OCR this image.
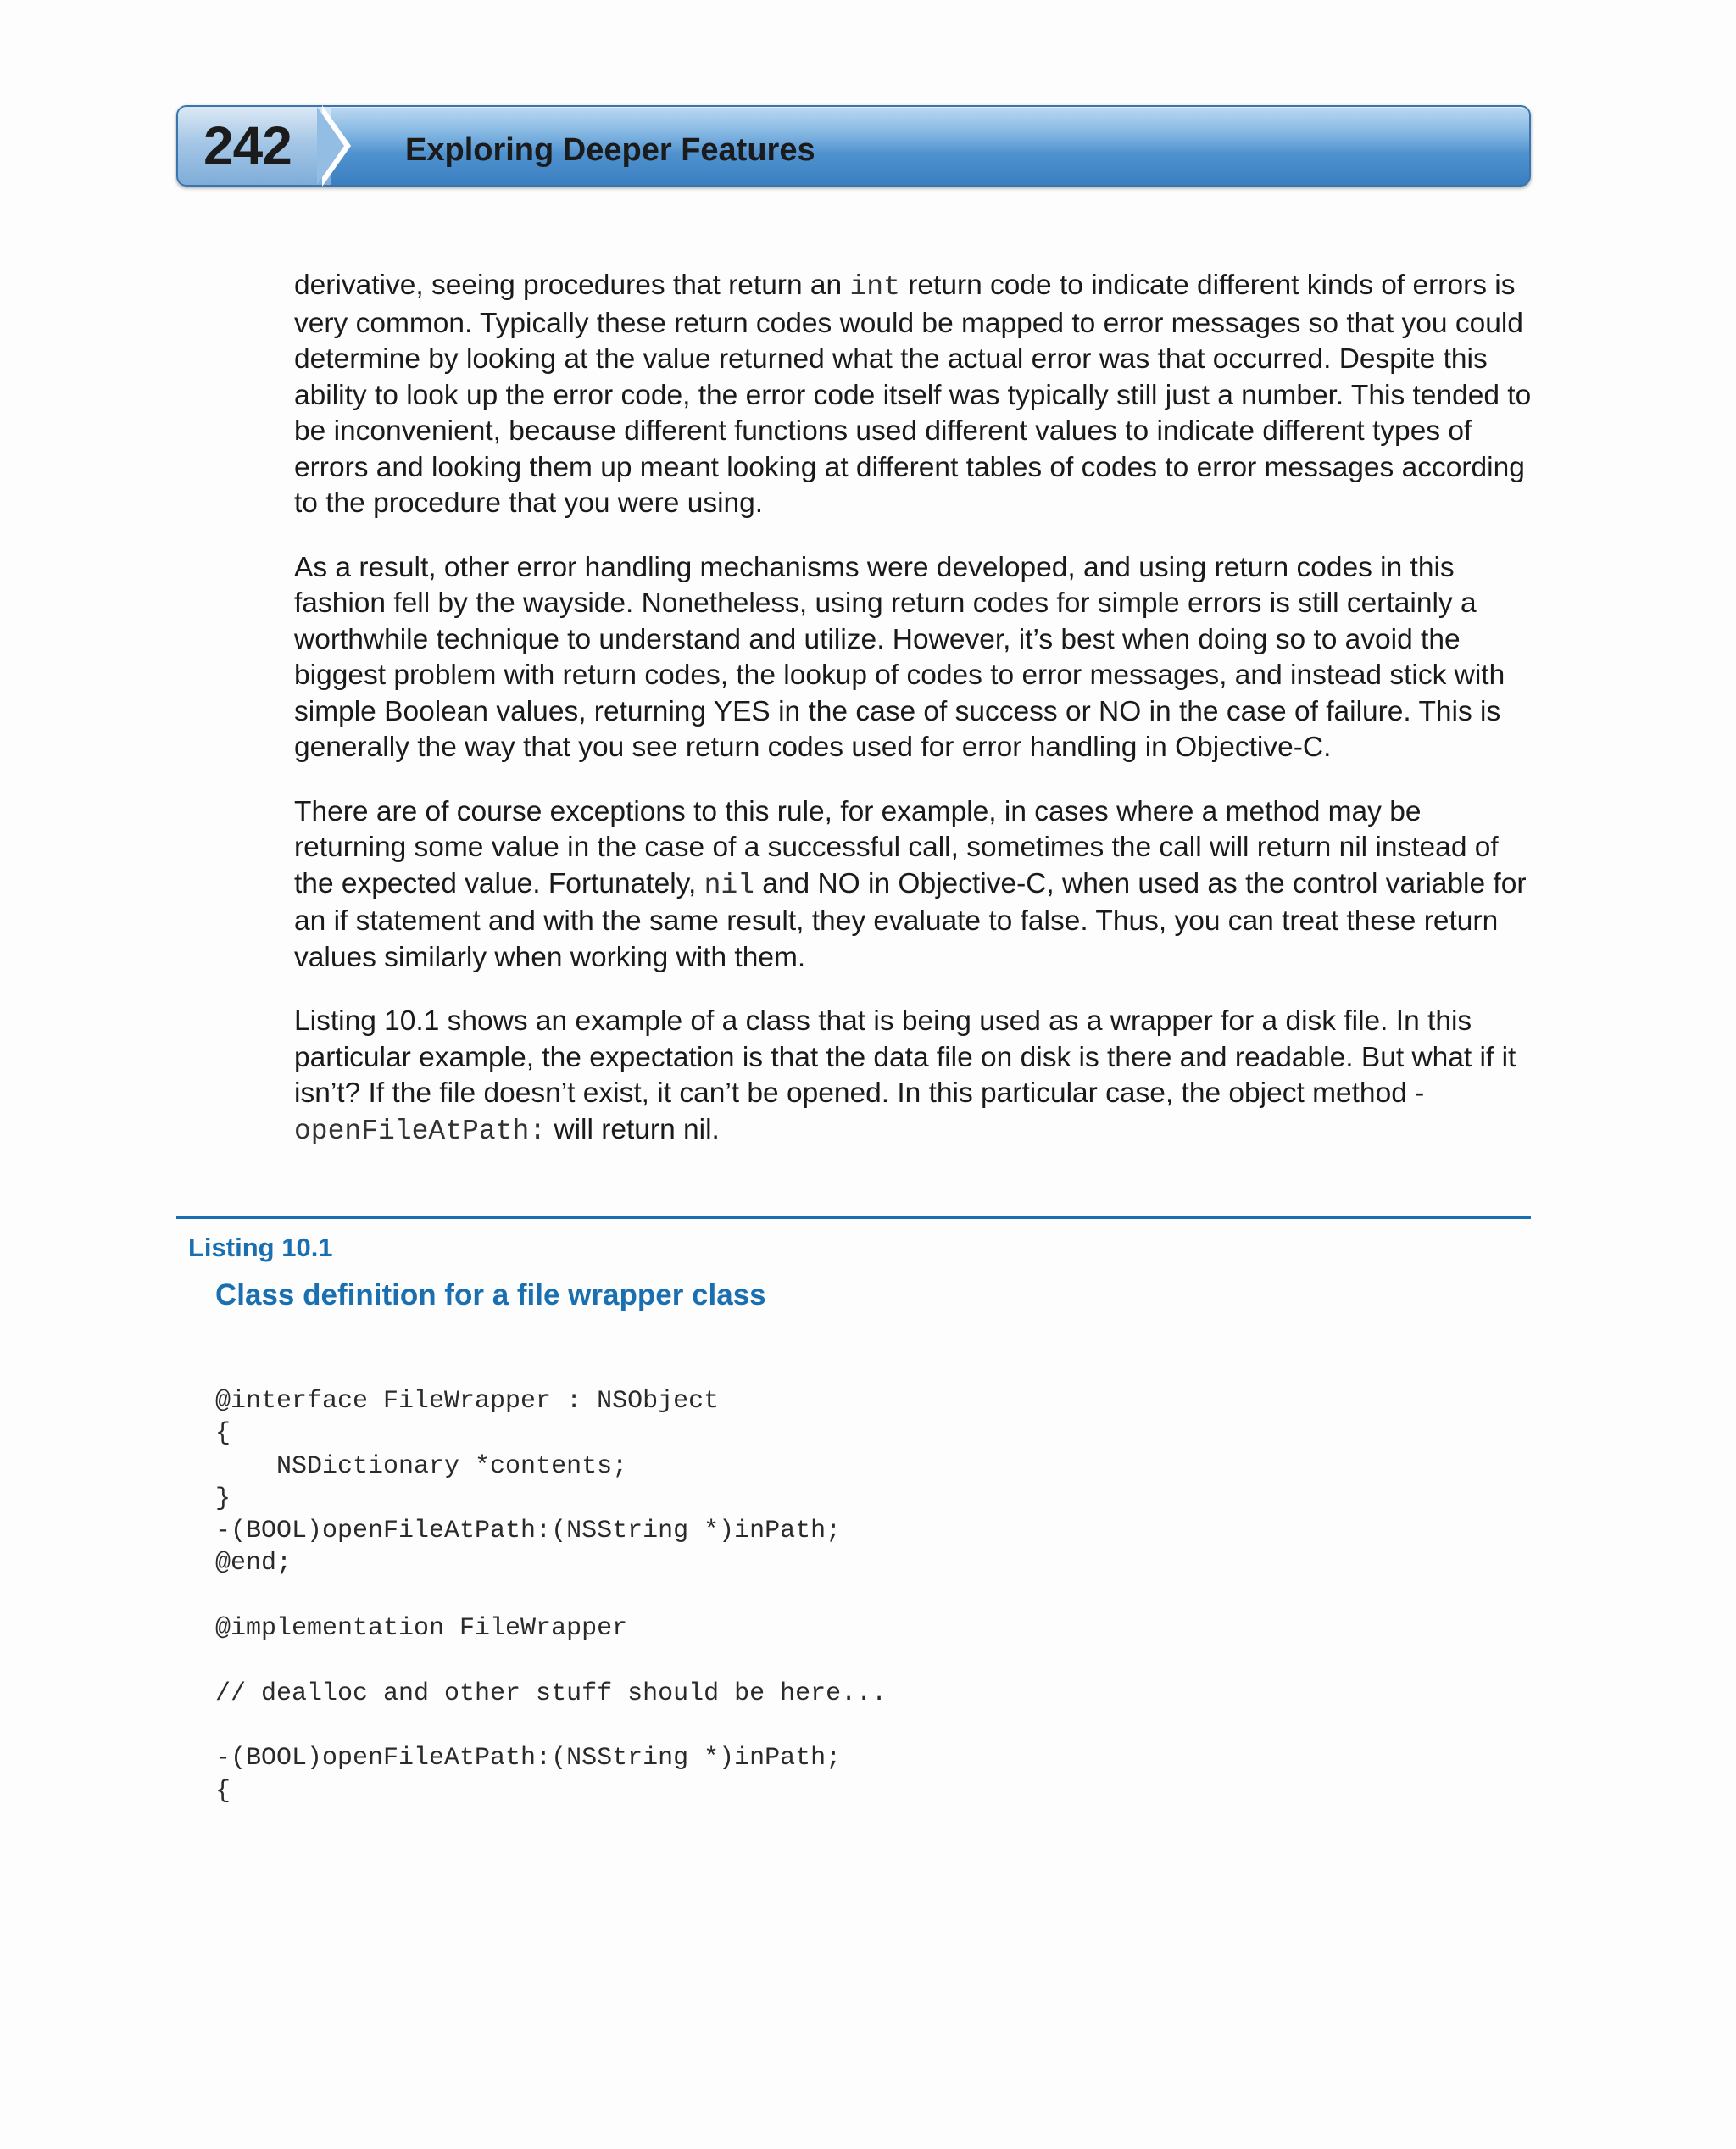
242	Exploring Deeper Features

derivative, seeing procedures that return an int return code to indicate different kinds of errors is very common. Typically these return codes would be mapped to error messages so that you could determine by looking at the value returned what the actual error was that occurred. Despite this ability to look up the error code, the error code itself was typically still just a number. This tended to be inconvenient, because different functions used different values to indicate different types of errors and looking them up meant looking at different tables of codes to error messages according to the procedure that you were using.

As a result, other error handling mechanisms were developed, and using return codes in this fashion fell by the wayside. Nonetheless, using return codes for simple errors is still certainly a worthwhile technique to understand and utilize. However, it’s best when doing so to avoid the biggest problem with return codes, the lookup of codes to error messages, and instead stick with simple Boolean values, returning YES in the case of success or NO in the case of failure. This is generally the way that you see return codes used for error handling in Objective-C.

There are of course exceptions to this rule, for example, in cases where a method may be returning some value in the case of a successful call, sometimes the call will return nil instead of the expected value. Fortunately, nil and NO in Objective-C, when used as the control variable for an if statement and with the same result, they evaluate to false. Thus, you can treat these return values similarly when working with them.

Listing 10.1 shows an example of a class that is being used as a wrapper for a disk file. In this particular example, the expectation is that the data file on disk is there and readable. But what if it isn’t? If the file doesn’t exist, it can’t be opened. In this particular case, the object method -openFileAtPath: will return nil.

Listing 10.1
Class definition for a file wrapper class
@interface FileWrapper : NSObject
{
NSDictionary *contents;
}
-(BOOL)openFileAtPath:(NSString *)inPath;
@end;
@implementation FileWrapper
// dealloc and other stuff should be here...
-(BOOL)openFileAtPath:(NSString *)inPath;
{
